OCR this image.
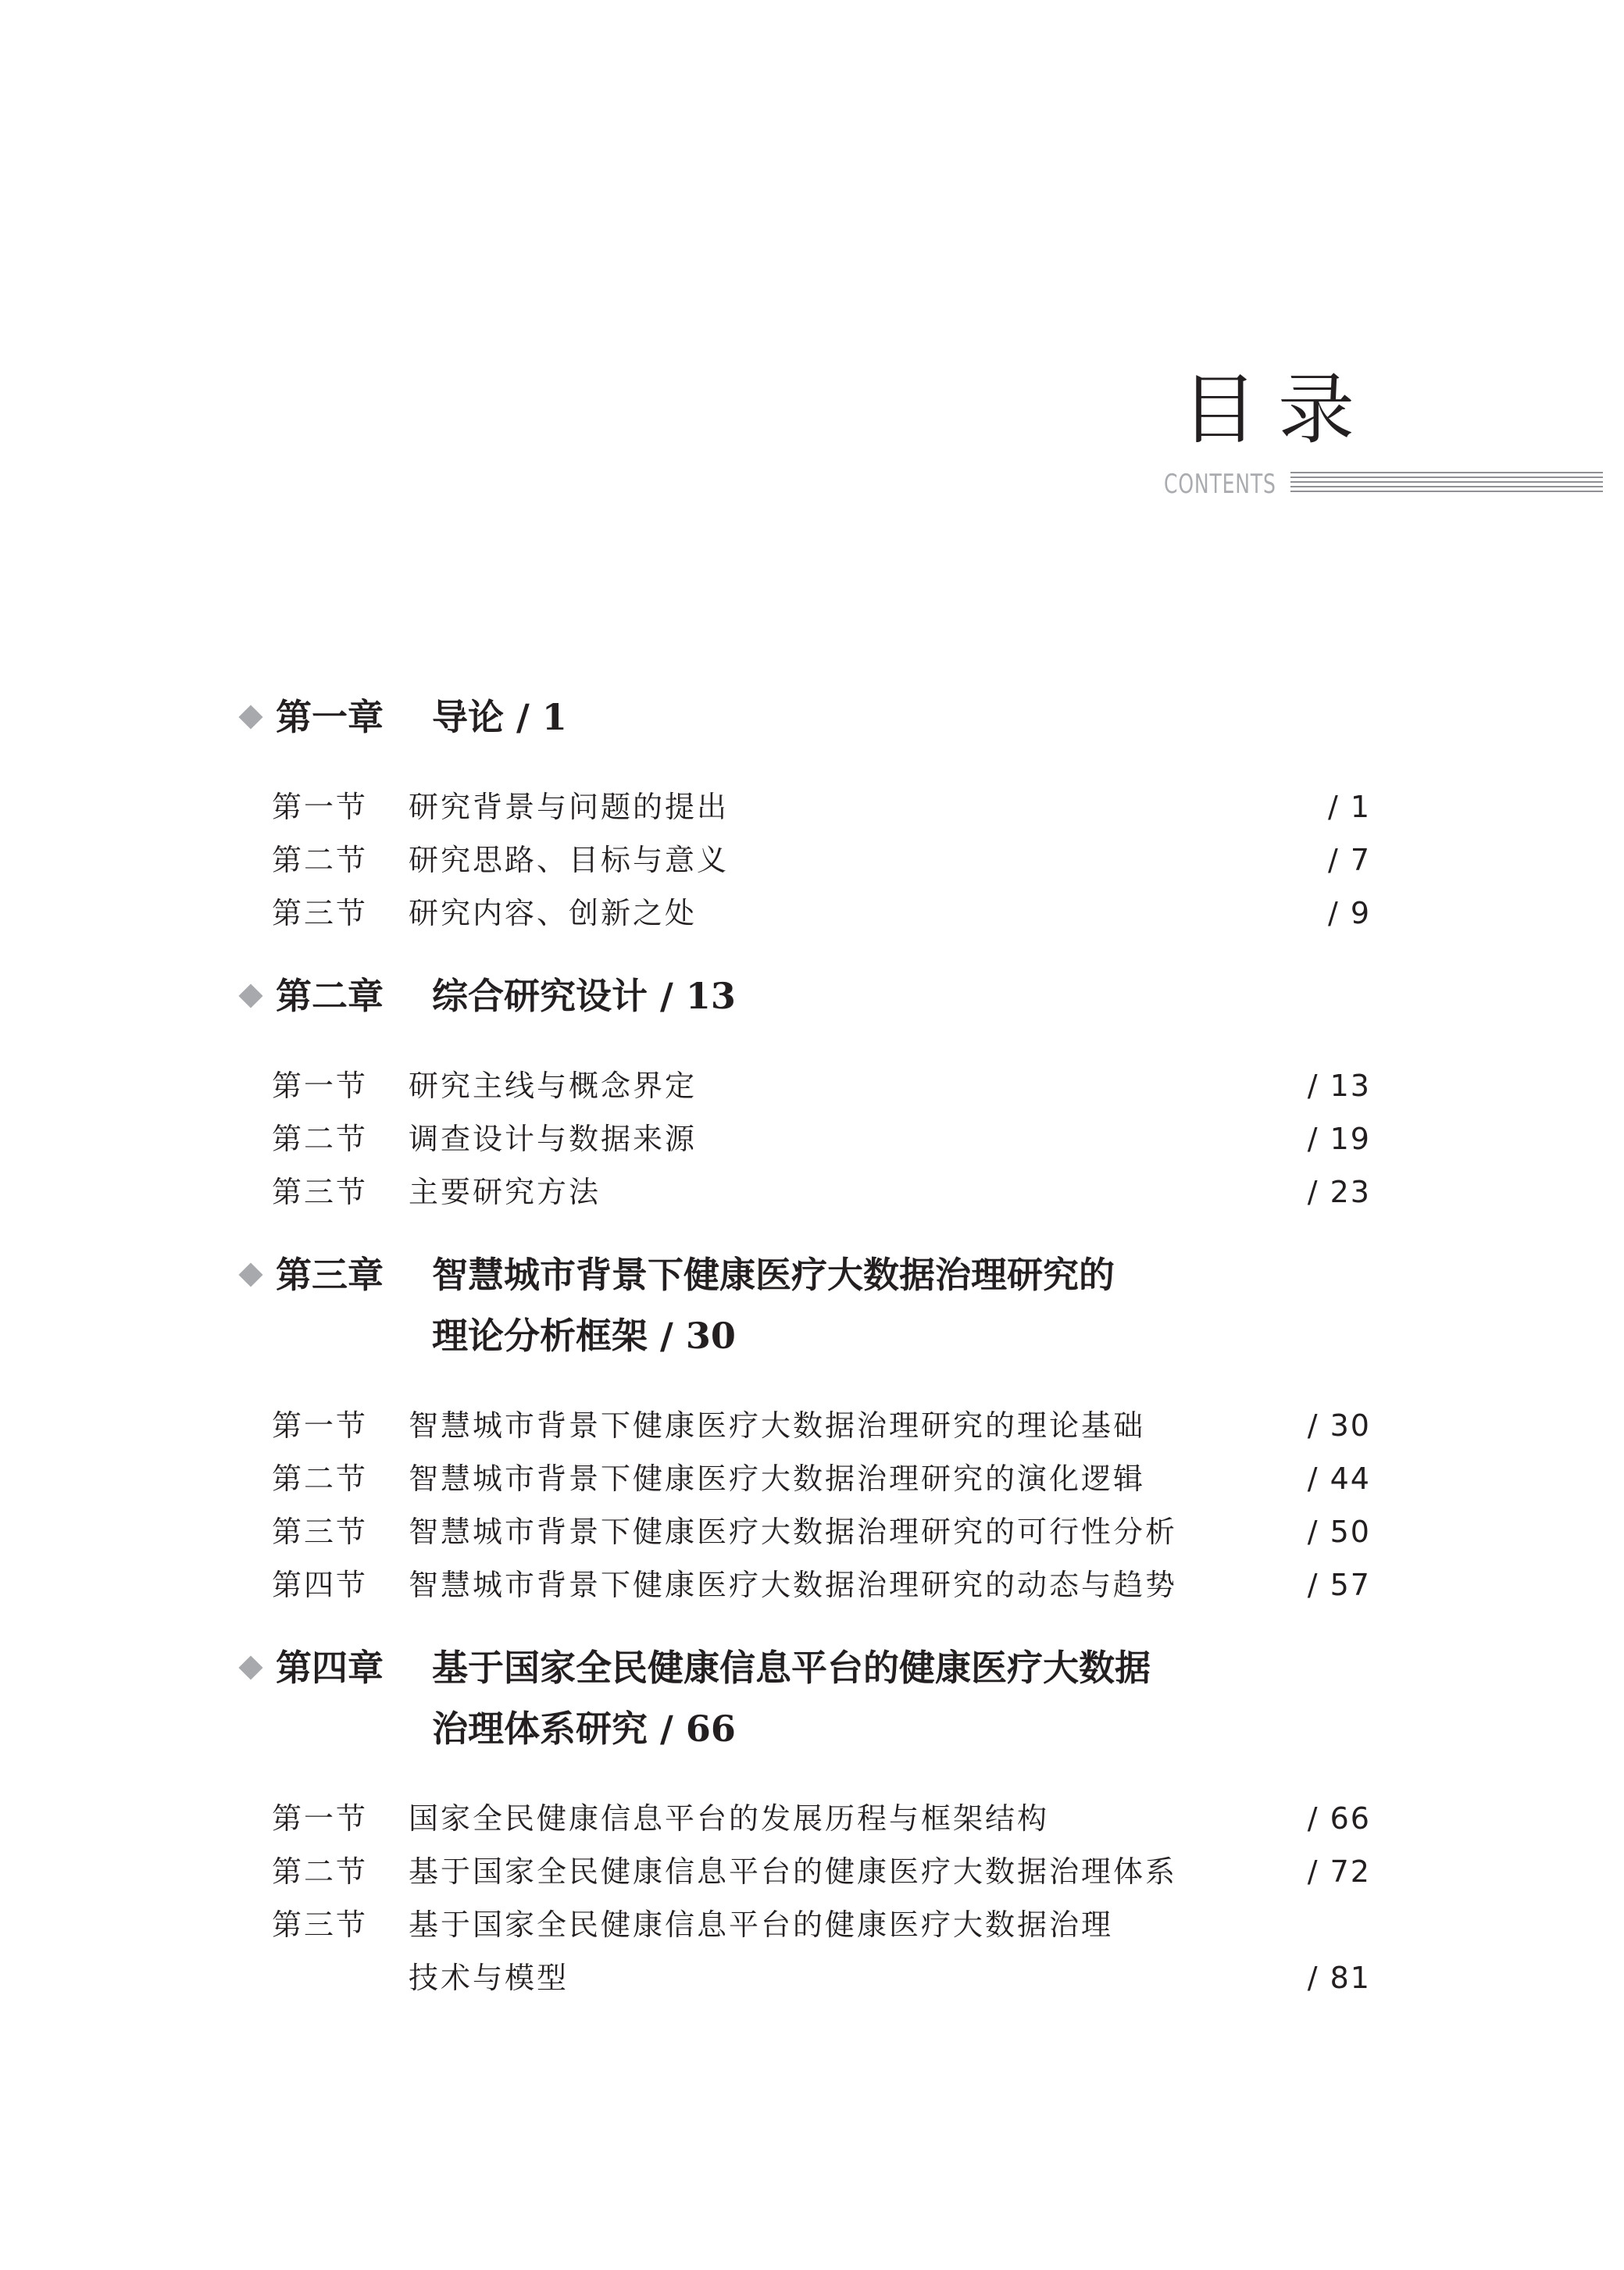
目录
CONTENTS
第一章	导论 / 1
第一节	研究背景与问题的提出	/ 1
第二节	研究思路、目标与意义	/ 7
第三节	研究内容、创新之处	/ 9
第二章	综合研究设计 / 13
第一节	研究主线与概念界定	/ 13
第二节	调查设计与数据来源	/ 19
第三节	主要研究方法	/ 23
第三章	智慧城市背景下健康医疗大数据治理研究的
理论分析框架 / 30
第一节	智慧城市背景下健康医疗大数据治理研究的理论基础	/ 30
第二节	智慧城市背景下健康医疗大数据治理研究的演化逻辑	/ 44
第三节	智慧城市背景下健康医疗大数据治理研究的可行性分析	/ 50
第四节	智慧城市背景下健康医疗大数据治理研究的动态与趋势	/ 57
第四章	基于国家全民健康信息平台的健康医疗大数据
治理体系研究 / 66
第一节	国家全民健康信息平台的发展历程与框架结构	/ 66
第二节	基于国家全民健康信息平台的健康医疗大数据治理体系	/ 72
第三节	基于国家全民健康信息平台的健康医疗大数据治理
技术与模型	/ 81
